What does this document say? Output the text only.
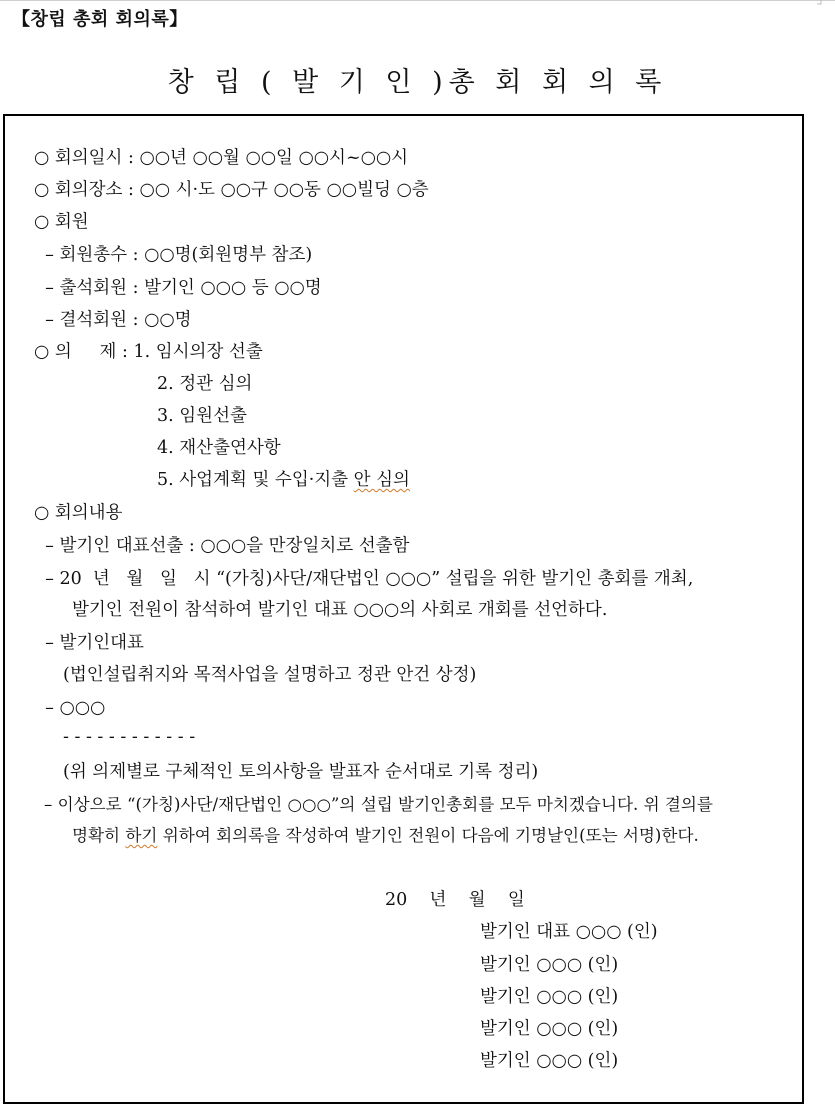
【창립 총회 회의록】
창 립 ( 발 기 인 )총 회 회 의 록
○ 회의일시 : ○○년 ○○월 ○○일 ○○시~○○시
○ 회의장소 : ○○ 시·도 ○○구 ○○동 ○○빌딩 ○층
○ 회원
– 회원총수 : ○○명(회원명부 참조)
– 출석회원 : 발기인 ○○○ 등 ○○명
– 결석회원 : ○○명
○ 의     제 : 1. 임시의장 선출
2. 정관 심의
3. 임원선출
4. 재산출연사항
5. 사업계획 및 수입·지출 안 심의
○ 회의내용
– 발기인 대표선출 : ○○○을 만장일치로 선출함
– 20  년   월   일   시 “(가칭)사단/재단법인 ○○○” 설립을 위한 발기인 총회를 개최,
발기인 전원이 참석하여 발기인 대표 ○○○의 사회로 개회를 선언하다.
– 발기인대표
(법인설립취지와 목적사업을 설명하고 정관 안건 상정)
– ○○○
- - - - - - - - - - - -
(위 의제별로 구체적인 토의사항을 발표자 순서대로 기록 정리)
– 이상으로 “(가칭)사단/재단법인 ○○○”의 설립 발기인총회를 모두 마치겠습니다. 위 결의를
명확히 하기 위하여 회의록을 작성하여 발기인 전원이 다음에 기명날인(또는 서명)한다.
20    년    월    일
발기인 대표 ○○○ (인)
발기인 ○○○ (인)
발기인 ○○○ (인)
발기인 ○○○ (인)
발기인 ○○○ (인)
